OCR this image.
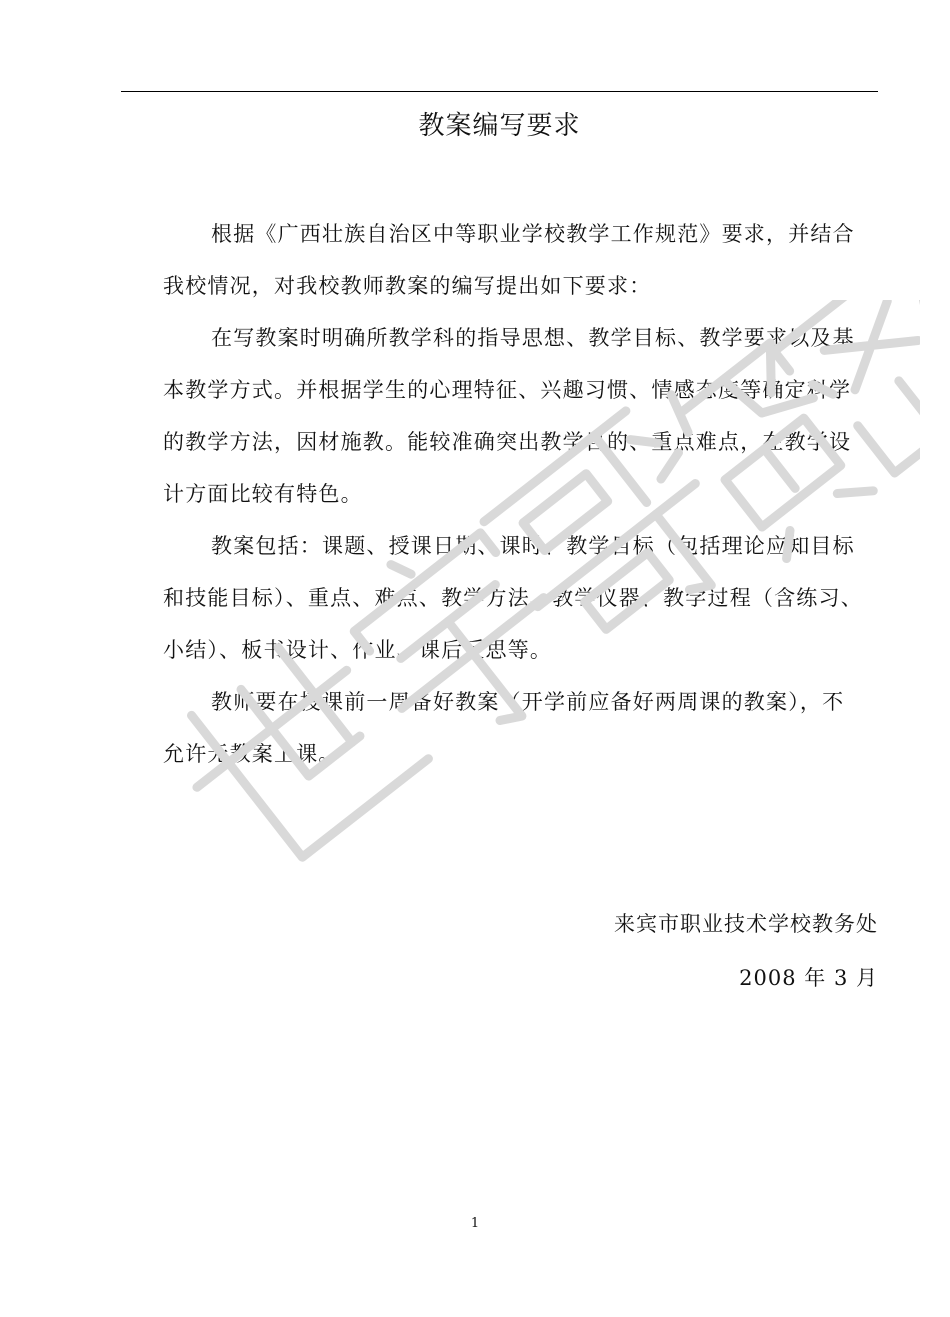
教案编写要求
根据《广西壮族自治区中等职业学校教学工作规范》要求，并结合
我校情况，对我校教师教案的编写提出如下要求：
在写教案时明确所教学科的指导思想、教学目标、教学要求以及基
本教学方式。并根据学生的心理特征、兴趣习惯、情感态度等确定科学
的教学方法，因材施教。能较准确突出教学目的、重点难点，在教学设
计方面比较有特色。
教案包括：课题、授课日期、课时、教学目标（包括理论应知目标
和技能目标）、重点、难点、教学方法、教学仪器、教学过程（含练习、
小结）、板书设计、作业、课后反思等。
教师要在授课前一周备好教案（开学前应备好两周课的教案），不
允许无教案上课。
来宾市职业技术学校教务处
2008 年 3 月
1
